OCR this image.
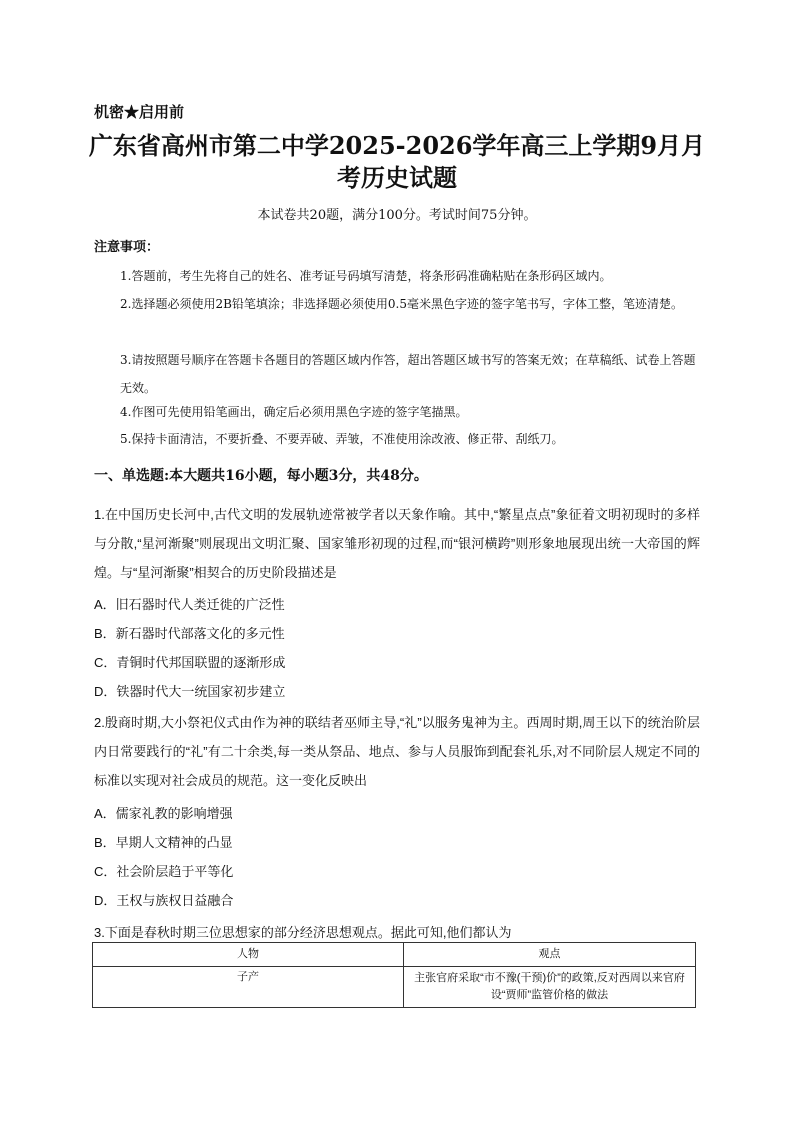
机密★启用前
广东省高州市第二中学2025-2026学年高三上学期9月月
考历史试题
本试卷共20题，满分100分。考试时间75分钟。
注意事项：
1.答题前，考生先将自己的姓名、准考证号码填写清楚，将条形码准确粘贴在条形码区域内。
2.选择题必须使用2B铅笔填涂；非选择题必须使用0.5毫米黑色字迹的签字笔书写，字体工整，笔迹清楚。
3.请按照题号顺序在答题卡各题目的答题区域内作答，超出答题区域书写的答案无效；在草稿纸、试卷上答题无效。
4.作图可先使用铅笔画出，确定后必须用黑色字迹的签字笔描黑。
5.保持卡面清洁，不要折叠、不要弄破、弄皱，不准使用涂改液、修正带、刮纸刀。
一、单选题:本大题共16小题，每小题3分，共48分。
1.在中国历史长河中,古代文明的发展轨迹常被学者以天象作喻。其中,“繁星点点”象征着文明初现时的多样与分散,“星河渐聚”则展现出文明汇聚、国家雏形初现的过程,而“银河横跨”则形象地展现出统一大帝国的辉煌。与“星河渐聚”相契合的历史阶段描述是
A．旧石器时代人类迁徙的广泛性
B．新石器时代部落文化的多元性
C．青铜时代邦国联盟的逐渐形成
D．铁器时代大一统国家初步建立
2.殷商时期,大小祭祀仪式由作为神的联结者巫师主导,“礼”以服务鬼神为主。西周时期,周王以下的统治阶层内日常要践行的“礼”有二十余类,每一类从祭品、地点、参与人员服饰到配套礼乐,对不同阶层人规定不同的标准以实现对社会成员的规范。这一变化反映出
A．儒家礼教的影响增强
B．早期人文精神的凸显
C．社会阶层趋于平等化
D．王权与族权日益融合
3.下面是春秋时期三位思想家的部分经济思想观点。据此可知,他们都认为
人物	观点
子产	主张官府采取“市不豫(干预)价”的政策,反对西周以来官府设“贾师”监管价格的做法
